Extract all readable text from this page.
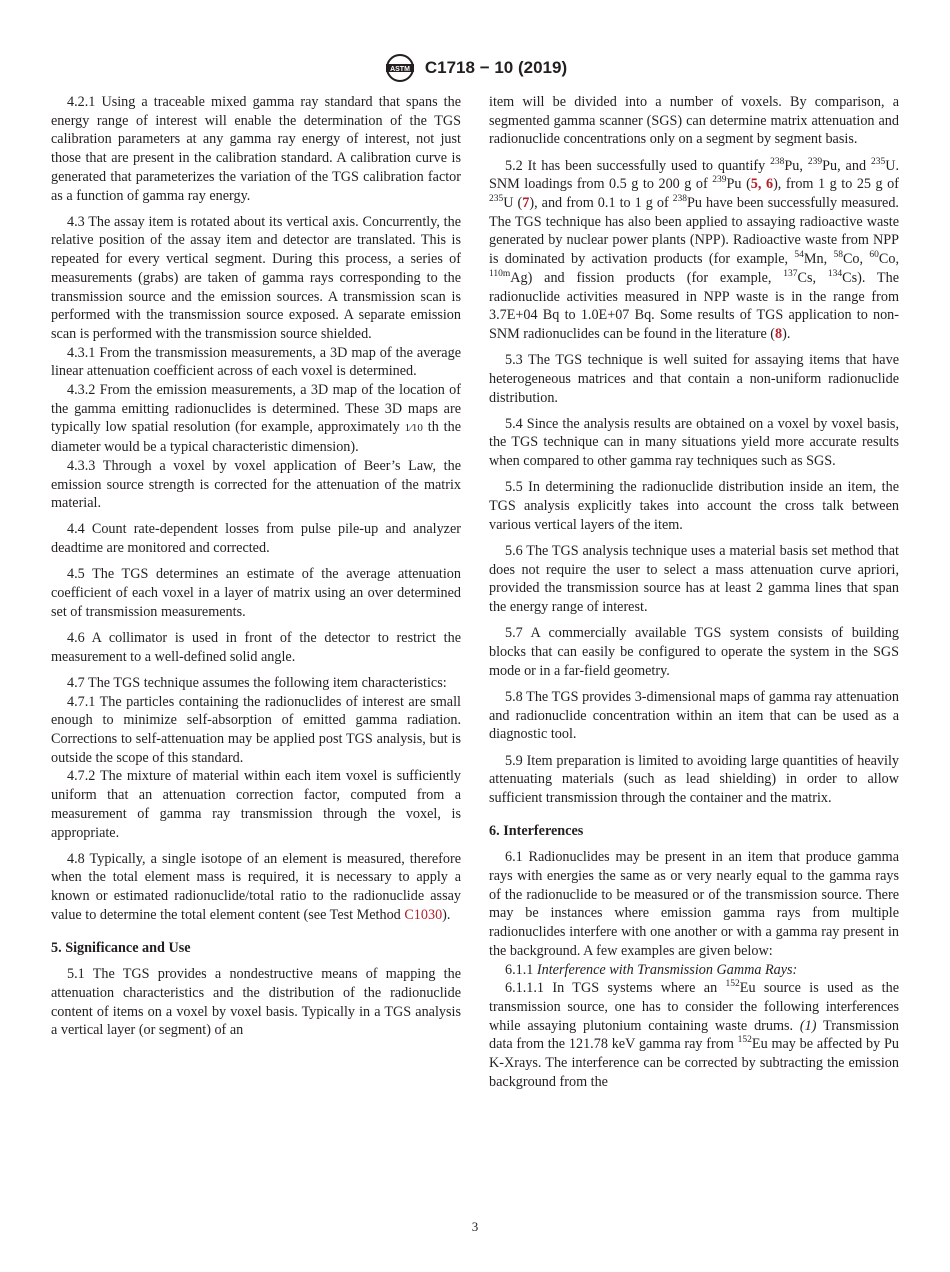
ASTM C1718 − 10 (2019)

4.2.1 Using a traceable mixed gamma ray standard that spans the energy range of interest will enable the determination of the TGS calibration parameters at any gamma ray energy of interest, not just those that are present in the calibration standard. A calibration curve is generated that parameterizes the variation of the TGS calibration factor as a function of gamma ray energy.

4.3 The assay item is rotated about its vertical axis. Concurrently, the relative position of the assay item and detector are translated. This is repeated for every vertical segment. During this process, a series of measurements (grabs) are taken of gamma rays corresponding to the transmission source and the emission sources. A transmission scan is performed with the transmission source exposed. A separate emission scan is performed with the transmission source shielded.

4.3.1 From the transmission measurements, a 3D map of the average linear attenuation coefficient across of each voxel is determined.

4.3.2 From the emission measurements, a 3D map of the location of the gamma emitting radionuclides is determined. These 3D maps are typically low spatial resolution (for example, approximately 1⁄10 th the diameter would be a typical characteristic dimension).

4.3.3 Through a voxel by voxel application of Beer’s Law, the emission source strength is corrected for the attenuation of the matrix material.

4.4 Count rate-dependent losses from pulse pile-up and analyzer deadtime are monitored and corrected.

4.5 The TGS determines an estimate of the average attenuation coefficient of each voxel in a layer of matrix using an over determined set of transmission measurements.

4.6 A collimator is used in front of the detector to restrict the measurement to a well-defined solid angle.

4.7 The TGS technique assumes the following item characteristics:

4.7.1 The particles containing the radionuclides of interest are small enough to minimize self-absorption of emitted gamma radiation. Corrections to self-attenuation may be applied post TGS analysis, but is outside the scope of this standard.

4.7.2 The mixture of material within each item voxel is sufficiently uniform that an attenuation correction factor, computed from a measurement of gamma ray transmission through the voxel, is appropriate.

4.8 Typically, a single isotope of an element is measured, therefore when the total element mass is required, it is necessary to apply a known or estimated radionuclide/total ratio to the radionuclide assay value to determine the total element content (see Test Method C1030).

5. Significance and Use

5.1 The TGS provides a nondestructive means of mapping the attenuation characteristics and the distribution of the radionuclide content of items on a voxel by voxel basis. Typically in a TGS analysis a vertical layer (or segment) of an

item will be divided into a number of voxels. By comparison, a segmented gamma scanner (SGS) can determine matrix attenuation and radionuclide concentrations only on a segment by segment basis.

5.2 It has been successfully used to quantify $^{238}$Pu, $^{239}$Pu, and $^{235}$U. SNM loadings from 0.5 g to 200 g of $^{239}$Pu (5, 6), from 1 g to 25 g of $^{235}$U (7), and from 0.1 to 1 g of $^{238}$Pu have been successfully measured. The TGS technique has also been applied to assaying radioactive waste generated by nuclear power plants (NPP). Radioactive waste from NPP is dominated by activation products (for example, $^{54}$Mn, $^{58}$Co, $^{60}$Co, $^{110m}$Ag) and fission products (for example, $^{137}$Cs, $^{134}$Cs). The radionuclide activities measured in NPP waste is in the range from 3.7E+04 Bq to 1.0E+07 Bq. Some results of TGS application to non-SNM radionuclides can be found in the literature (8).

5.3 The TGS technique is well suited for assaying items that have heterogeneous matrices and that contain a non-uniform radionuclide distribution.

5.4 Since the analysis results are obtained on a voxel by voxel basis, the TGS technique can in many situations yield more accurate results when compared to other gamma ray techniques such as SGS.

5.5 In determining the radionuclide distribution inside an item, the TGS analysis explicitly takes into account the cross talk between various vertical layers of the item.

5.6 The TGS analysis technique uses a material basis set method that does not require the user to select a mass attenuation curve apriori, provided the transmission source has at least 2 gamma lines that span the energy range of interest.

5.7 A commercially available TGS system consists of building blocks that can easily be configured to operate the system in the SGS mode or in a far-field geometry.

5.8 The TGS provides 3-dimensional maps of gamma ray attenuation and radionuclide concentration within an item that can be used as a diagnostic tool.

5.9 Item preparation is limited to avoiding large quantities of heavily attenuating materials (such as lead shielding) in order to allow sufficient transmission through the container and the matrix.

6. Interferences

6.1 Radionuclides may be present in an item that produce gamma rays with energies the same as or very nearly equal to the gamma rays of the radionuclide to be measured or of the transmission source. There may be instances where emission gamma rays from multiple radionuclides interfere with one another or with a gamma ray present in the background. A few examples are given below:

6.1.1 Interference with Transmission Gamma Rays:

6.1.1.1 In TGS systems where an $^{152}$Eu source is used as the transmission source, one has to consider the following interferences while assaying plutonium containing waste drums. (1) Transmission data from the 121.78 keV gamma ray from $^{152}$Eu may be affected by Pu K-Xrays. The interference can be corrected by subtracting the emission background from the

3
